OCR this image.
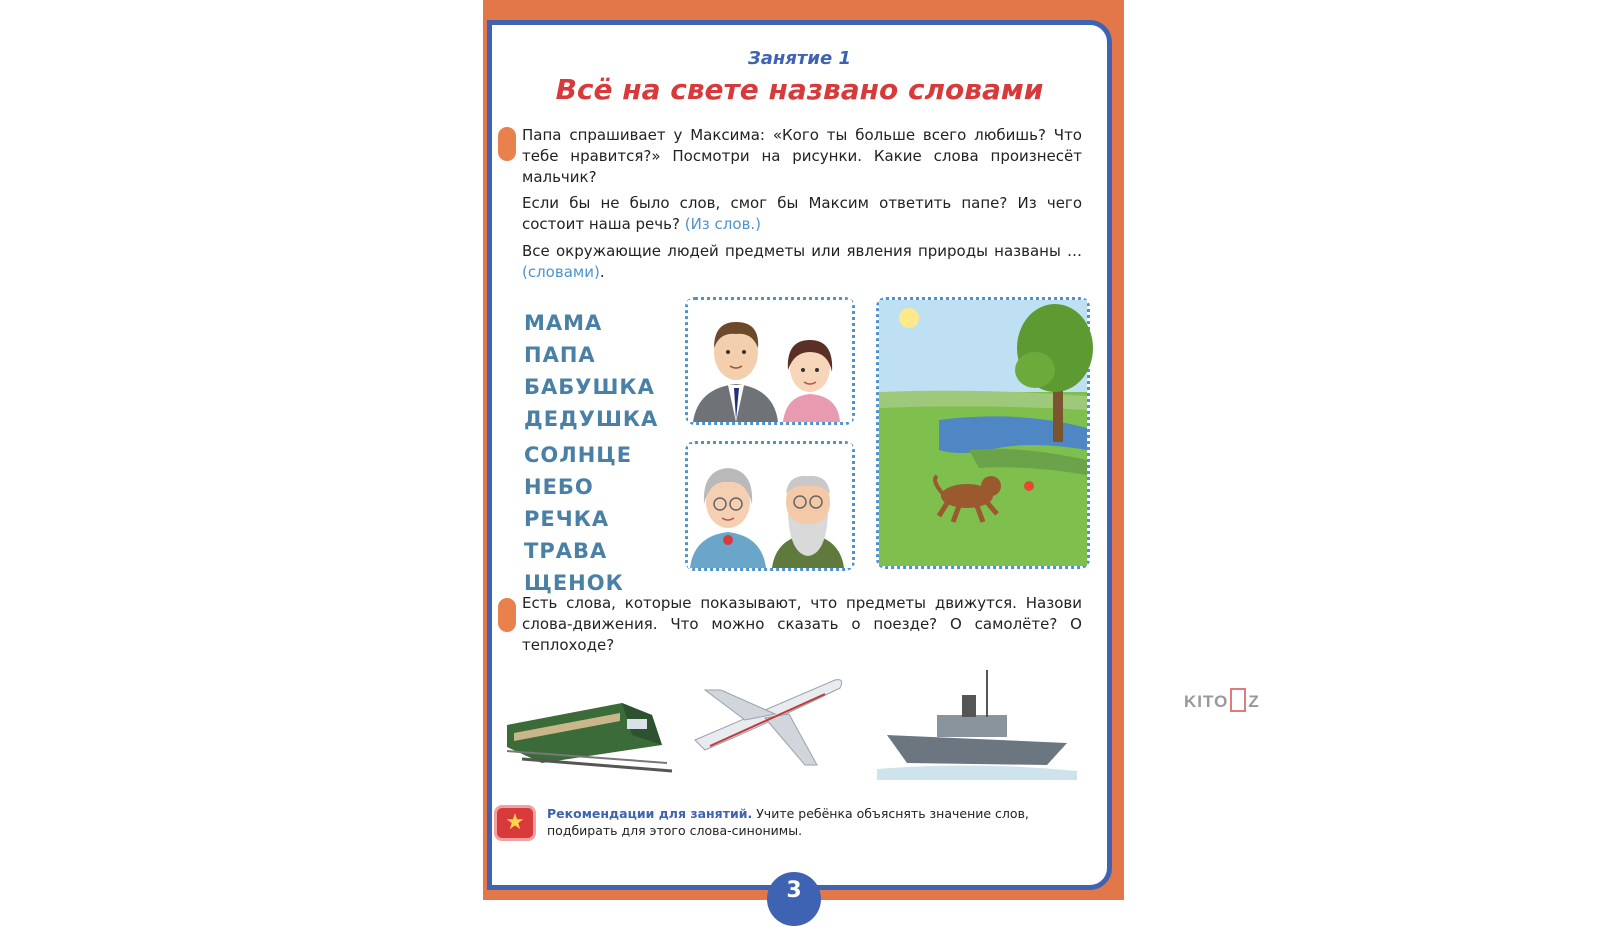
Занятие 1
Всё на свете названо словами
Папа спрашивает у Максима: «Кого ты больше всего любишь? Что тебе нравится?» Посмотри на рисунки. Какие слова произнесёт мальчик?
Если бы не было слов, смог бы Максим ответить папе? Из чего состоит наша речь? (Из слов.)
Все окружающие людей предметы или явления природы названы … (словами).
МАМА
ПАПА
БАБУШКА
ДЕДУШКА
СОЛНЦЕ
НЕБО
РЕЧКА
ТРАВА
ЩЕНОК
Есть слова, которые показывают, что предметы движутся. Назови слова-движения. Что можно сказать о поезде? О самолёте? О теплоходе?
★ Рекомендации для занятий. Учите ребёнка объяснять значение слов, подбирать для этого слова-синонимы.
3
KITO Z
